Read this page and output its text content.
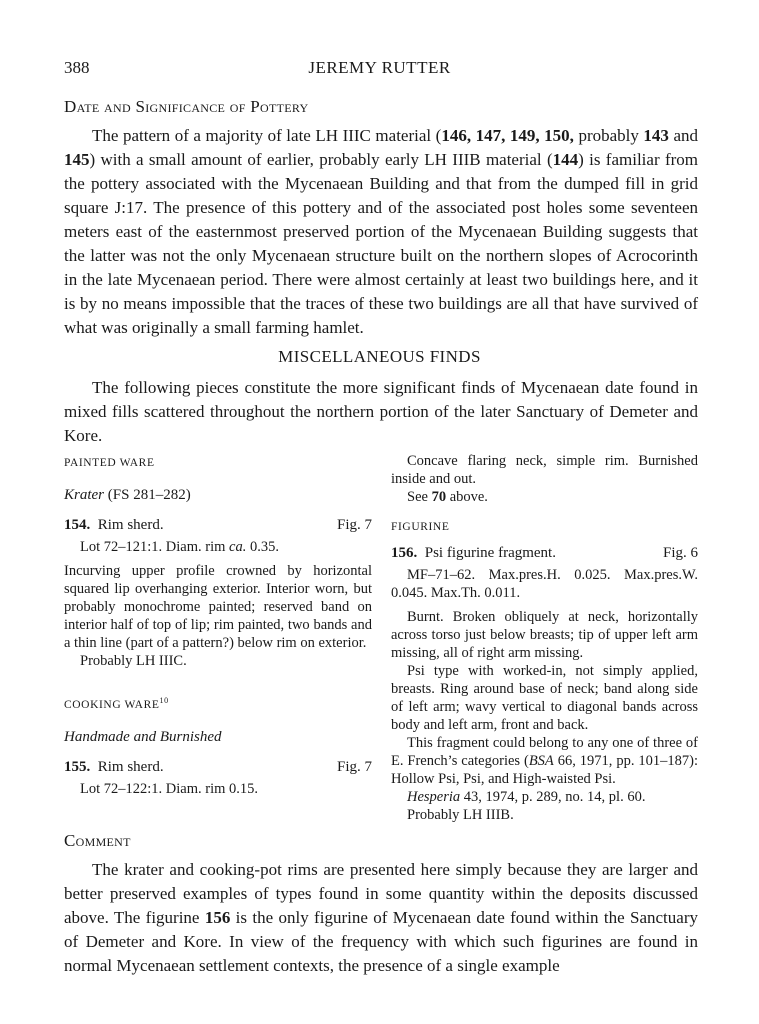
388	JEREMY RUTTER
Date and Significance of Pottery

The pattern of a majority of late LH IIIC material (146, 147, 149, 150, probably 143 and 145) with a small amount of earlier, probably early LH IIIB material (144) is familiar from the pottery associated with the Mycenaean Building and that from the dumped fill in grid square J:17. The presence of this pottery and of the associated post holes some seventeen meters east of the easternmost preserved portion of the Mycenaean Building suggests that the latter was not the only Mycenaean structure built on the northern slopes of Acrocorinth in the late Mycenaean period. There were almost certainly at least two buildings here, and it is by no means impossible that the traces of these two buildings are all that have survived of what was originally a small farming hamlet.

MISCELLANEOUS FINDS

The following pieces constitute the more significant finds of Mycenaean date found in mixed fills scattered throughout the northern portion of the later Sanctuary of Demeter and Kore.

PAINTED WARE
Krater (FS 281–282)
154. Rim sherd.	Fig. 7

Lot 72–121:1. Diam. rim ca. 0.35.

Incurving upper profile crowned by horizontal squared lip overhanging exterior. Interior worn, but probably monochrome painted; reserved band on interior half of top of lip; rim painted, two bands and a thin line (part of a pattern?) below rim on exterior.

Probably LH IIIC.

COOKING WARE$^{10}$
Handmade and Burnished
155. Rim sherd.	Fig. 7

Lot 72–122:1. Diam. rim 0.15.

Concave flaring neck, simple rim. Burnished inside and out.

See 70 above.

FIGURINE
156. Psi figurine fragment.	Fig. 6

MF–71–62. Max.pres.H. 0.025. Max.pres.W. 0.045. Max.Th. 0.011.

Burnt. Broken obliquely at neck, horizontally across torso just below breasts; tip of upper left arm missing, all of right arm missing.

Psi type with worked-in, not simply applied, breasts. Ring around base of neck; band along side of left arm; wavy vertical to diagonal bands across body and left arm, front and back.

This fragment could belong to any one of three of E. French’s categories (BSA 66, 1971, pp. 101–187): Hollow Psi, Psi, and High-waisted Psi.

Hesperia 43, 1974, p. 289, no. 14, pl. 60.

Probably LH IIIB.

Comment

The krater and cooking-pot rims are presented here simply because they are larger and better preserved examples of types found in some quantity within the deposits discussed above. The figurine 156 is the only figurine of Mycenaean date found within the Sanctuary of Demeter and Kore. In view of the frequency with which such figurines are found in normal Mycenaean settlement contexts, the presence of a single example
